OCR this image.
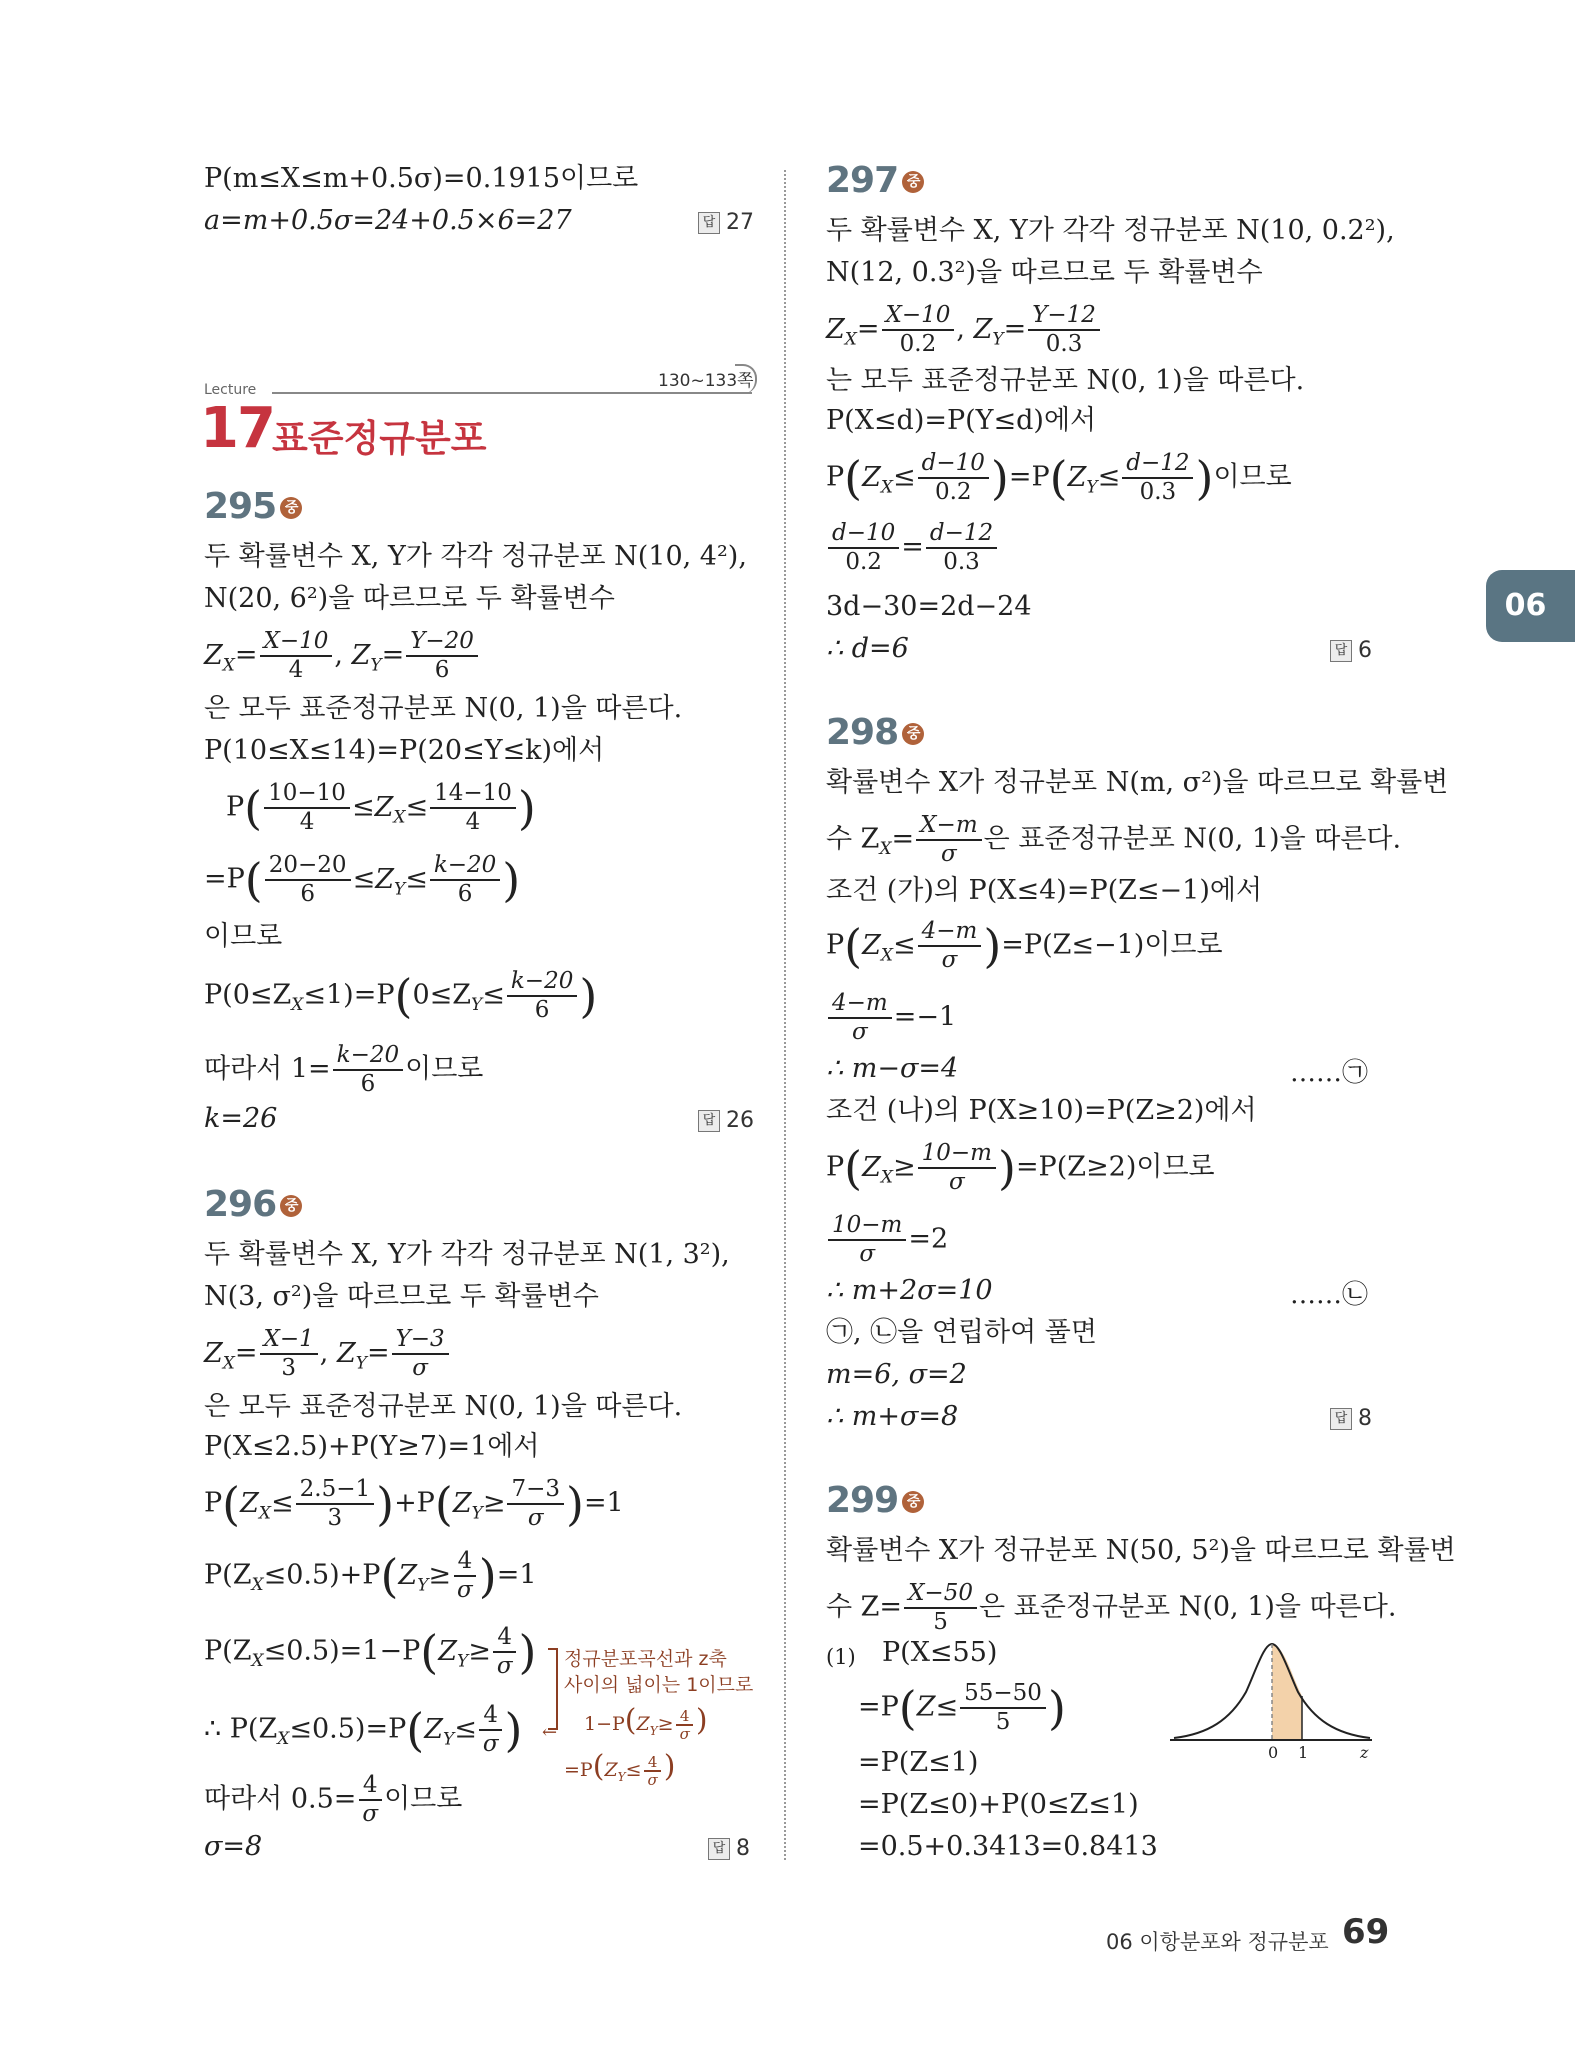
06
P(m≤X≤m+0.5σ)=0.1915이므로
a=m+0.5σ=24+0.5×6=27	답 27
Lecture
17
표준정규분포
130~133쪽
295 중
두 확률변수 X, Y가 각각 정규분포 N(10, 4²),
N(20, 6²)을 따르므로 두 확률변수
$Z_X= \frac{X-10}{4}$ , $Z_Y= \frac{Y-20}{6}$
은 모두 표준정규분포 N(0, 1)을 따른다.
P(10≤X≤14)=P(20≤Y≤k)에서
$P( \frac{10-10}{4} \le Z_X\le \frac{14-10}{4}$ )
$=P( \frac{20-20}{6} \le Z_Y\le \frac{k-20}{6}$ )
이므로
$P(0\le Z_X\le 1)=P(0\le Z_Y\le \frac{k-20}{6}$ )
따라서 $1= \frac{k-20}{6}$ 이므로
k=26	답 26
296 중
두 확률변수 X, Y가 각각 정규분포 N(1, 3²),
N(3, σ²)을 따르므로 두 확률변수
$Z_X= \frac{X-1}{3}$ , $Z_Y= \frac{Y-3}{\sigma}$
은 모두 표준정규분포 N(0, 1)을 따른다.
P(X≤2.5)+P(Y≥7)=1에서
$P(Z_X\le \frac{2.5-1}{3} )+P(Z_Y\ge \frac{7-3}{\sigma} )=1$
$P(Z_X\le 0.5)+P(Z_Y\ge \frac{4}{\sigma} )=1$
$P(Z_X\le 0.5)=1-P(Z_Y\ge \frac{4}{\sigma}$ )
∴ $P(Z_X\le 0.5)=P(Z_Y\le \frac{4}{\sigma}$ ) ←
정규분포곡선과 z축
사이의 넓이는 1이므로
$1-P(Z_Y\ge \frac{4}{\sigma}$ )
$=P(Z_Y\le \frac{4}{\sigma}$ )
따라서 $0.5= \frac{4}{\sigma}$ 이므로
σ=8	답 8
297 중
두 확률변수 X, Y가 각각 정규분포 N(10, 0.2²),
N(12, 0.3²)을 따르므로 두 확률변수
$Z_X= \frac{X-10}{0.2}$ , $Z_Y= \frac{Y-12}{0.3}$
는 모두 표준정규분포 N(0, 1)을 따른다.
P(X≤d)=P(Y≤d)에서
$P(Z_X\le \frac{d-10}{0.2} )=P(Z_Y\le \frac{d-12}{0.3}$ )이므로
$\frac{d-10}{0.2} = \frac{d-12}{0.3}$
3d−30=2d−24
∴ d=6	답 6
298 중
확률변수 X가 정규분포 N(m, σ²)을 따르므로 확률변
수 $Z_X= \frac{X-m}{\sigma}$ 은 표준정규분포 N(0, 1)을 따른다.
조건 (가)의 P(X≤4)=P(Z≤−1)에서
$P(Z_X\le \frac{4-m}{\sigma} )=P(Z\le-1)$이므로
$\frac{4-m}{\sigma} =-1$
∴ m−σ=4	……㉠
조건 (나)의 P(X≥10)=P(Z≥2)에서
$P(Z_X\ge \frac{10-m}{\sigma} )=P(Z\ge 2)$이므로
$\frac{10-m}{\sigma} =2$
∴ m+2σ=10	……㉡
㉠, ㉡을 연립하여 풀면
m=6, σ=2
∴ m+σ=8	답 8
299 중
확률변수 X가 정규분포 N(50, 5²)을 따르므로 확률변
수 $Z= \frac{X-50}{5}$ 은 표준정규분포 N(0, 1)을 따른다.
(1) P(X≤55)
$=P(Z\le \frac{55-50}{5}$ )
=P(Z≤1)
=P(Z≤0)+P(0≤Z≤1)
=0.5+0.3413=0.8413
0 1	z
06 이항분포와 정규분포 69
